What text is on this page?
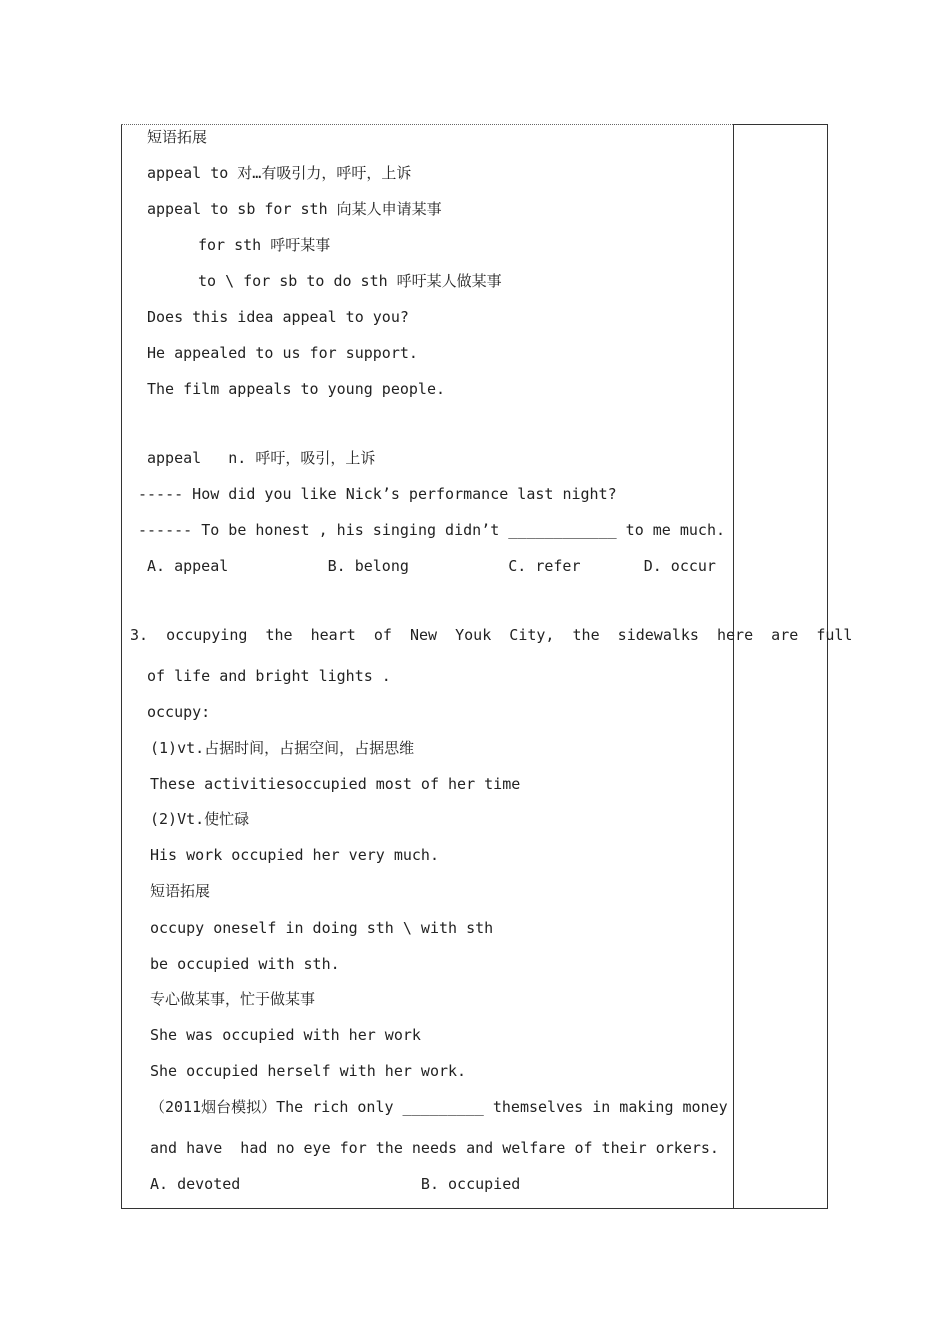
短语拓展
appeal to 对…有吸引力，呼吁，上诉
appeal to sb for sth 向某人申请某事
for sth 呼吁某事
to \ for sb to do sth 呼吁某人做某事
Does this idea appeal to you?
He appealed to us for support.
The film appeals to young people.
appeal   n. 呼吁，吸引，上诉
----- How did you like Nick’s performance last night?
------ To be honest , his singing didn’t ____________ to me much.
A. appeal           B. belong           C. refer       D. occur
3.  occupying  the  heart  of  New  Youk  City,  the  sidewalks  here  are  full
of life and bright lights .
occupy:
(1)vt.占据时间，占据空间，占据思维
These activitiesoccupied most of her time
(2)Vt.使忙碌
His work occupied her very much.
短语拓展
occupy oneself in doing sth \ with sth
be occupied with sth.
专心做某事，忙于做某事
She was occupied with her work
She occupied herself with her work.
（2011烟台模拟）The rich only _________ themselves in making money
and have  had no eye for the needs and welfare of their orkers.
A. devoted                    B. occupied
